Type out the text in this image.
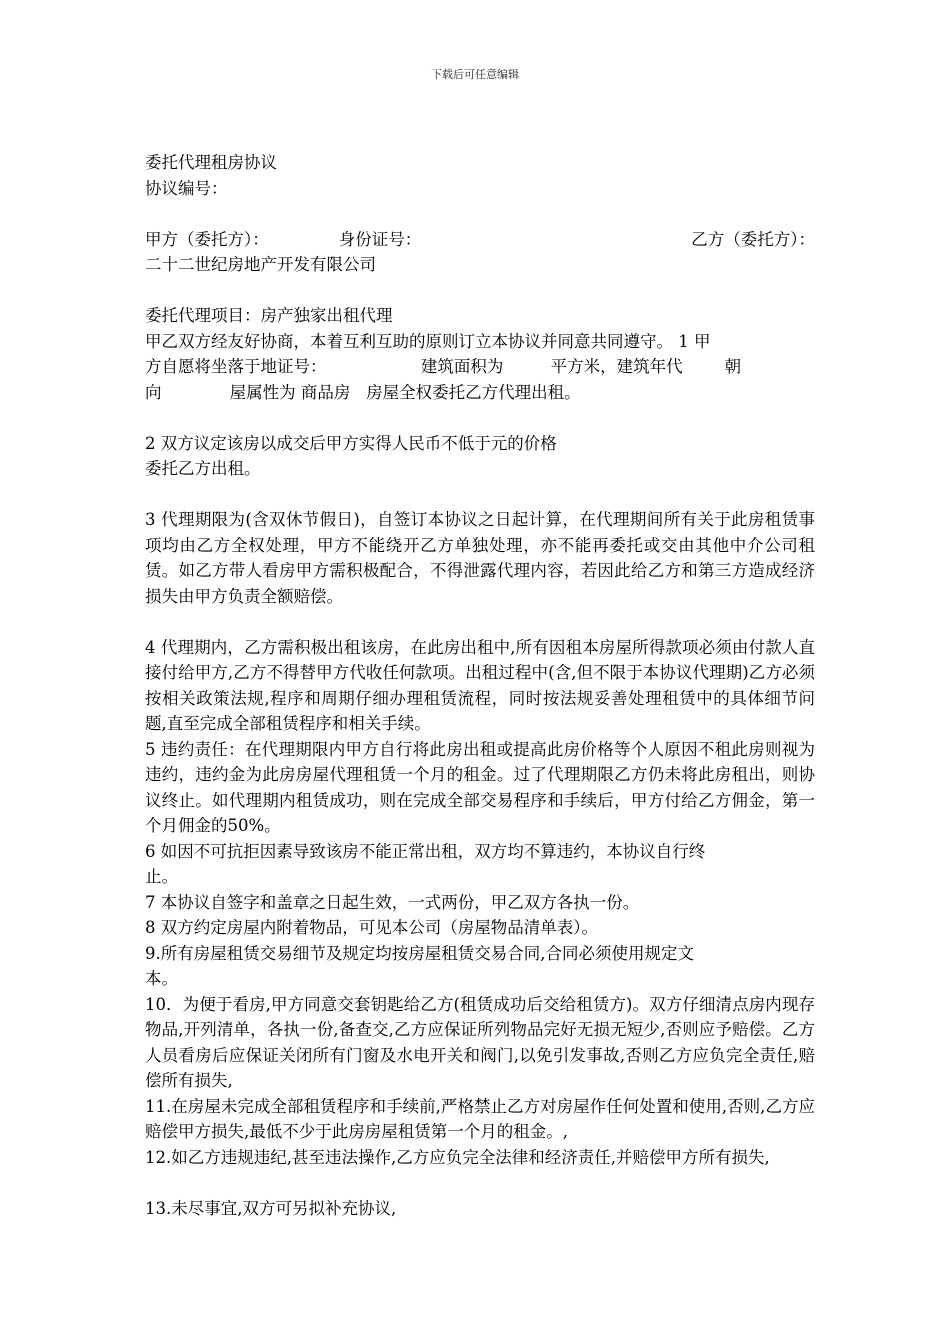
下载后可任意编辑
委托代理租房协议
协议编号：
甲方（委托方）：	身份证号：	乙方（委托方）：
二十二世纪房地产开发有限公司
委托代理项目：房产独家出租代理
甲乙双方经友好协商，本着互利互助的原则订立本协议并同意共同遵守。 1 甲
方自愿将坐落于地证号：                  建筑面积为         平方米，建筑年代        朝
向             屋属性为 商品房   房屋全权委托乙方代理出租。
2 双方议定该房以成交后甲方实得人民币不低于元的价格
委托乙方出租。
3 代理期限为(含双休节假日)，自签订本协议之日起计算，在代理期间所有关于此房租赁事项均由乙方全权处理，甲方不能绕开乙方单独处理，亦不能再委托或交由其他中介公司租赁。如乙方带人看房甲方需积极配合，不得泄露代理内容，若因此给乙方和第三方造成经济损失由甲方负责全额赔偿。
4 代理期内，乙方需积极出租该房，在此房出租中,所有因租本房屋所得款项必须由付款人直接付给甲方,乙方不得替甲方代收任何款项。出租过程中(含,但不限于本协议代理期)乙方必须按相关政策法规,程序和周期仔细办理租赁流程，同时按法规妥善处理租赁中的具体细节问题,直至完成全部租赁程序和相关手续。
5 违约责任：在代理期限内甲方自行将此房出租或提高此房价格等个人原因不租此房则视为违约，违约金为此房房屋代理租赁一个月的租金。过了代理期限乙方仍未将此房租出，则协议终止。如代理期内租赁成功，则在完成全部交易程序和手续后，甲方付给乙方佣金，第一个月佣金的50%。
6 如因不可抗拒因素导致该房不能正常出租，双方均不算违约，本协议自行终
止。
7 本协议自签字和盖章之日起生效，一式两份，甲乙双方各执一份。
8 双方约定房屋内附着物品，可见本公司（房屋物品清单表）。
9.所有房屋租赁交易细节及规定均按房屋租赁交易合同,合同必须使用规定文
本。
10．为便于看房,甲方同意交套钥匙给乙方(租赁成功后交给租赁方)。双方仔细清点房内现存物品,开列清单，各执一份,备查交,乙方应保证所列物品完好无损无短少,否则应予赔偿。乙方人员看房后应保证关闭所有门窗及水电开关和阀门,以免引发事故,否则乙方应负完全责任,赔偿所有损失,
11.在房屋未完成全部租赁程序和手续前,严格禁止乙方对房屋作任何处置和使用,否则,乙方应赔偿甲方损失,最低不少于此房房屋租赁第一个月的租金。,
12.如乙方违规违纪,甚至违法操作,乙方应负完全法律和经济责任,并赔偿甲方所有损失,
13.未尽事宜,双方可另拟补充协议,
